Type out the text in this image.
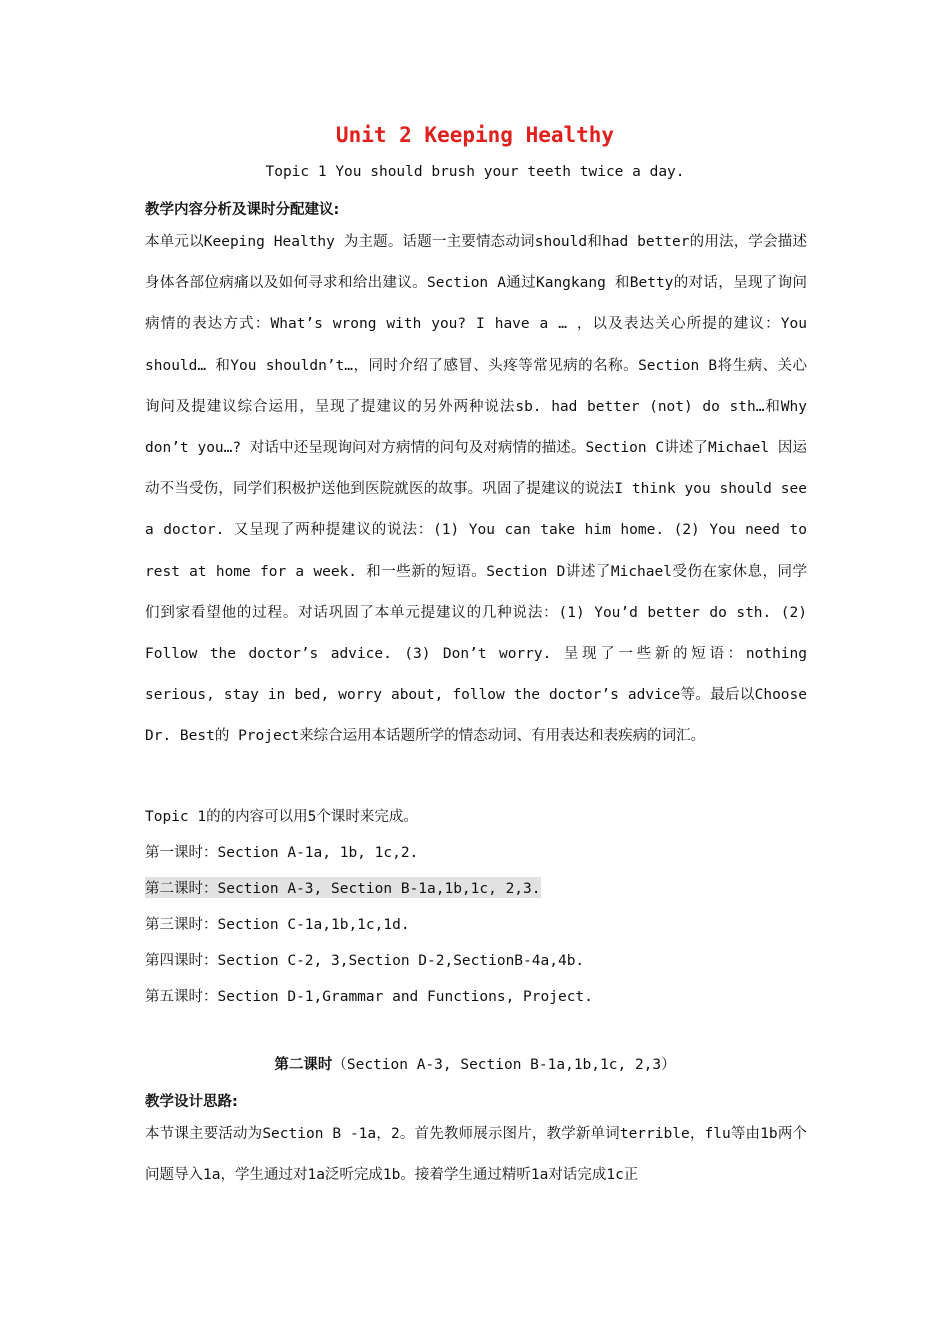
Unit 2 Keeping Healthy
Topic 1 You should brush your teeth twice a day.
教学内容分析及课时分配建议:
本单元以Keeping Healthy 为主题。话题一主要情态动词should和had better的用法，学会描述身体各部位病痛以及如何寻求和给出建议。Section A通过Kangkang 和Betty的对话，呈现了询问病情的表达方式：What’s wrong with you? I have a … ，以及表达关心所提的建议：You should… 和You shouldn’t…，同时介绍了感冒、头疼等常见病的名称。Section B将生病、关心询问及提建议综合运用，呈现了提建议的另外两种说法sb. had better (not) do sth…和Why don’t you…? 对话中还呈现询问对方病情的问句及对病情的描述。Section C讲述了Michael 因运动不当受伤，同学们积极护送他到医院就医的故事。巩固了提建议的说法I think you should see a doctor. 又呈现了两种提建议的说法：(1) You can take him home. (2) You need to rest at home for a week. 和一些新的短语。Section D讲述了Michael受伤在家休息，同学们到家看望他的过程。对话巩固了本单元提建议的几种说法：(1) You’d better do sth. (2) Follow the doctor’s advice. (3) Don’t worry. 呈现了一些新的短语：nothing serious, stay in bed, worry about, follow the doctor’s advice等。最后以Choose Dr. Best的 Project来综合运用本话题所学的情态动词、有用表达和表疾病的词汇。
Topic 1的的内容可以用5个课时来完成。
第一课时：Section A-1a, 1b, 1c,2.
第二课时：Section A-3, Section B-1a,1b,1c, 2,3.
第三课时：Section C-1a,1b,1c,1d.
第四课时：Section C-2, 3,Section D-2,SectionB-4a,4b.
第五课时：Section D-1,Grammar and Functions, Project.
第二课时（Section A-3, Section B-1a,1b,1c, 2,3）
教学设计思路:
本节课主要活动为Section B -1a，2。首先教师展示图片，教学新单词terrible，flu等由1b两个问题导入1a，学生通过对1a泛听完成1b。接着学生通过精听1a对话完成1c正
